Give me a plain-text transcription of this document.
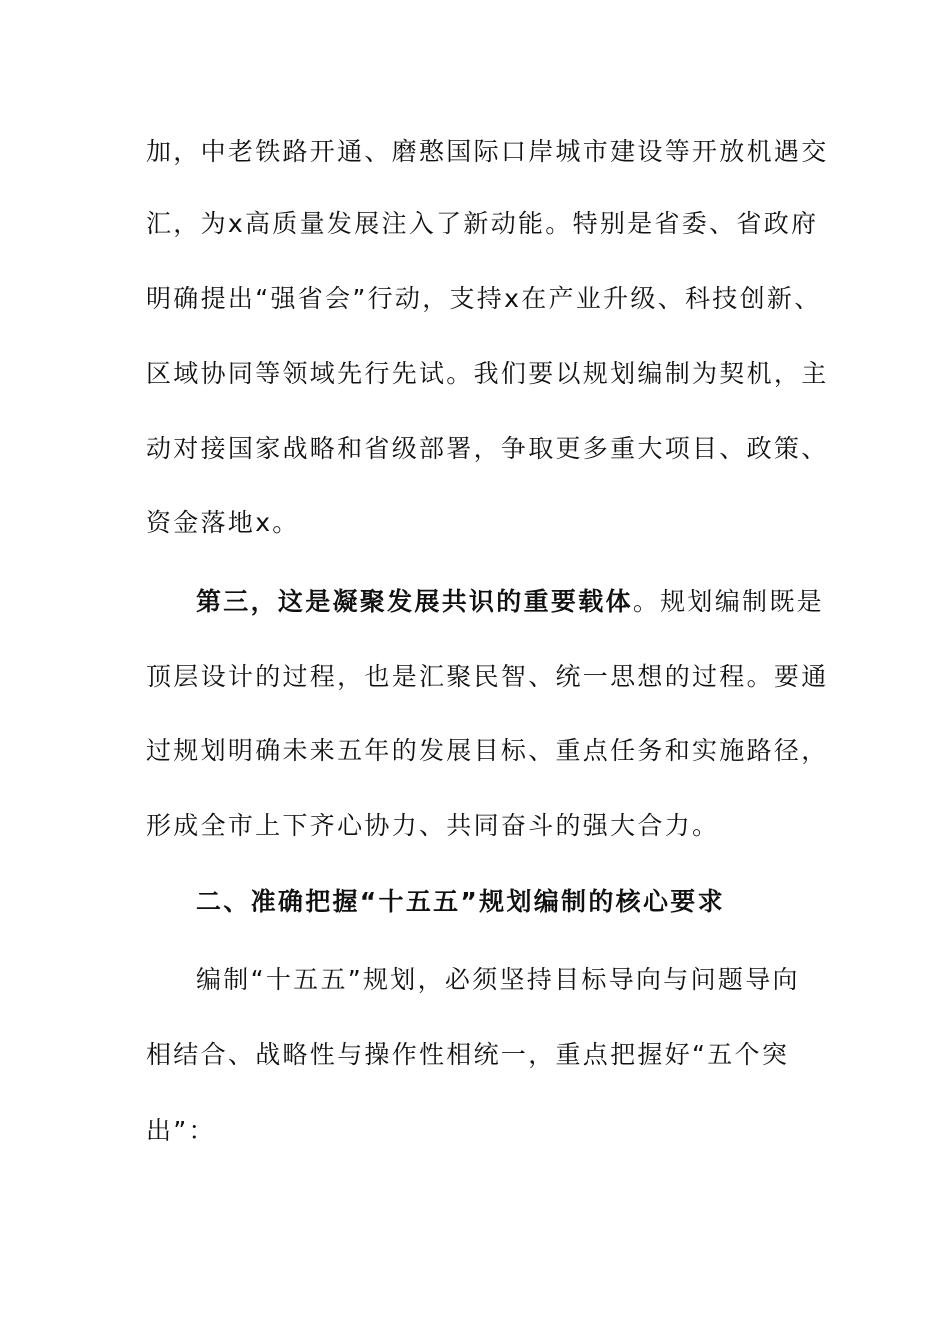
加，中老铁路开通、磨憨国际口岸城市建设等开放机遇交
汇，为x高质量发展注入了新动能。特别是省委、省政府
明确提出“强省会”行动，支持x在产业升级、科技创新、
区域协同等领域先行先试。我们要以规划编制为契机，主
动对接国家战略和省级部署，争取更多重大项目、政策、
资金落地x。
第三，这是凝聚发展共识的重要载体。规划编制既是
顶层设计的过程，也是汇聚民智、统一思想的过程。要通
过规划明确未来五年的发展目标、重点任务和实施路径，
形成全市上下齐心协力、共同奋斗的强大合力。
二、准确把握“十五五”规划编制的核心要求
编制“十五五”规划，必须坚持目标导向与问题导向
相结合、战略性与操作性相统一，重点把握好“五个突
出”：
